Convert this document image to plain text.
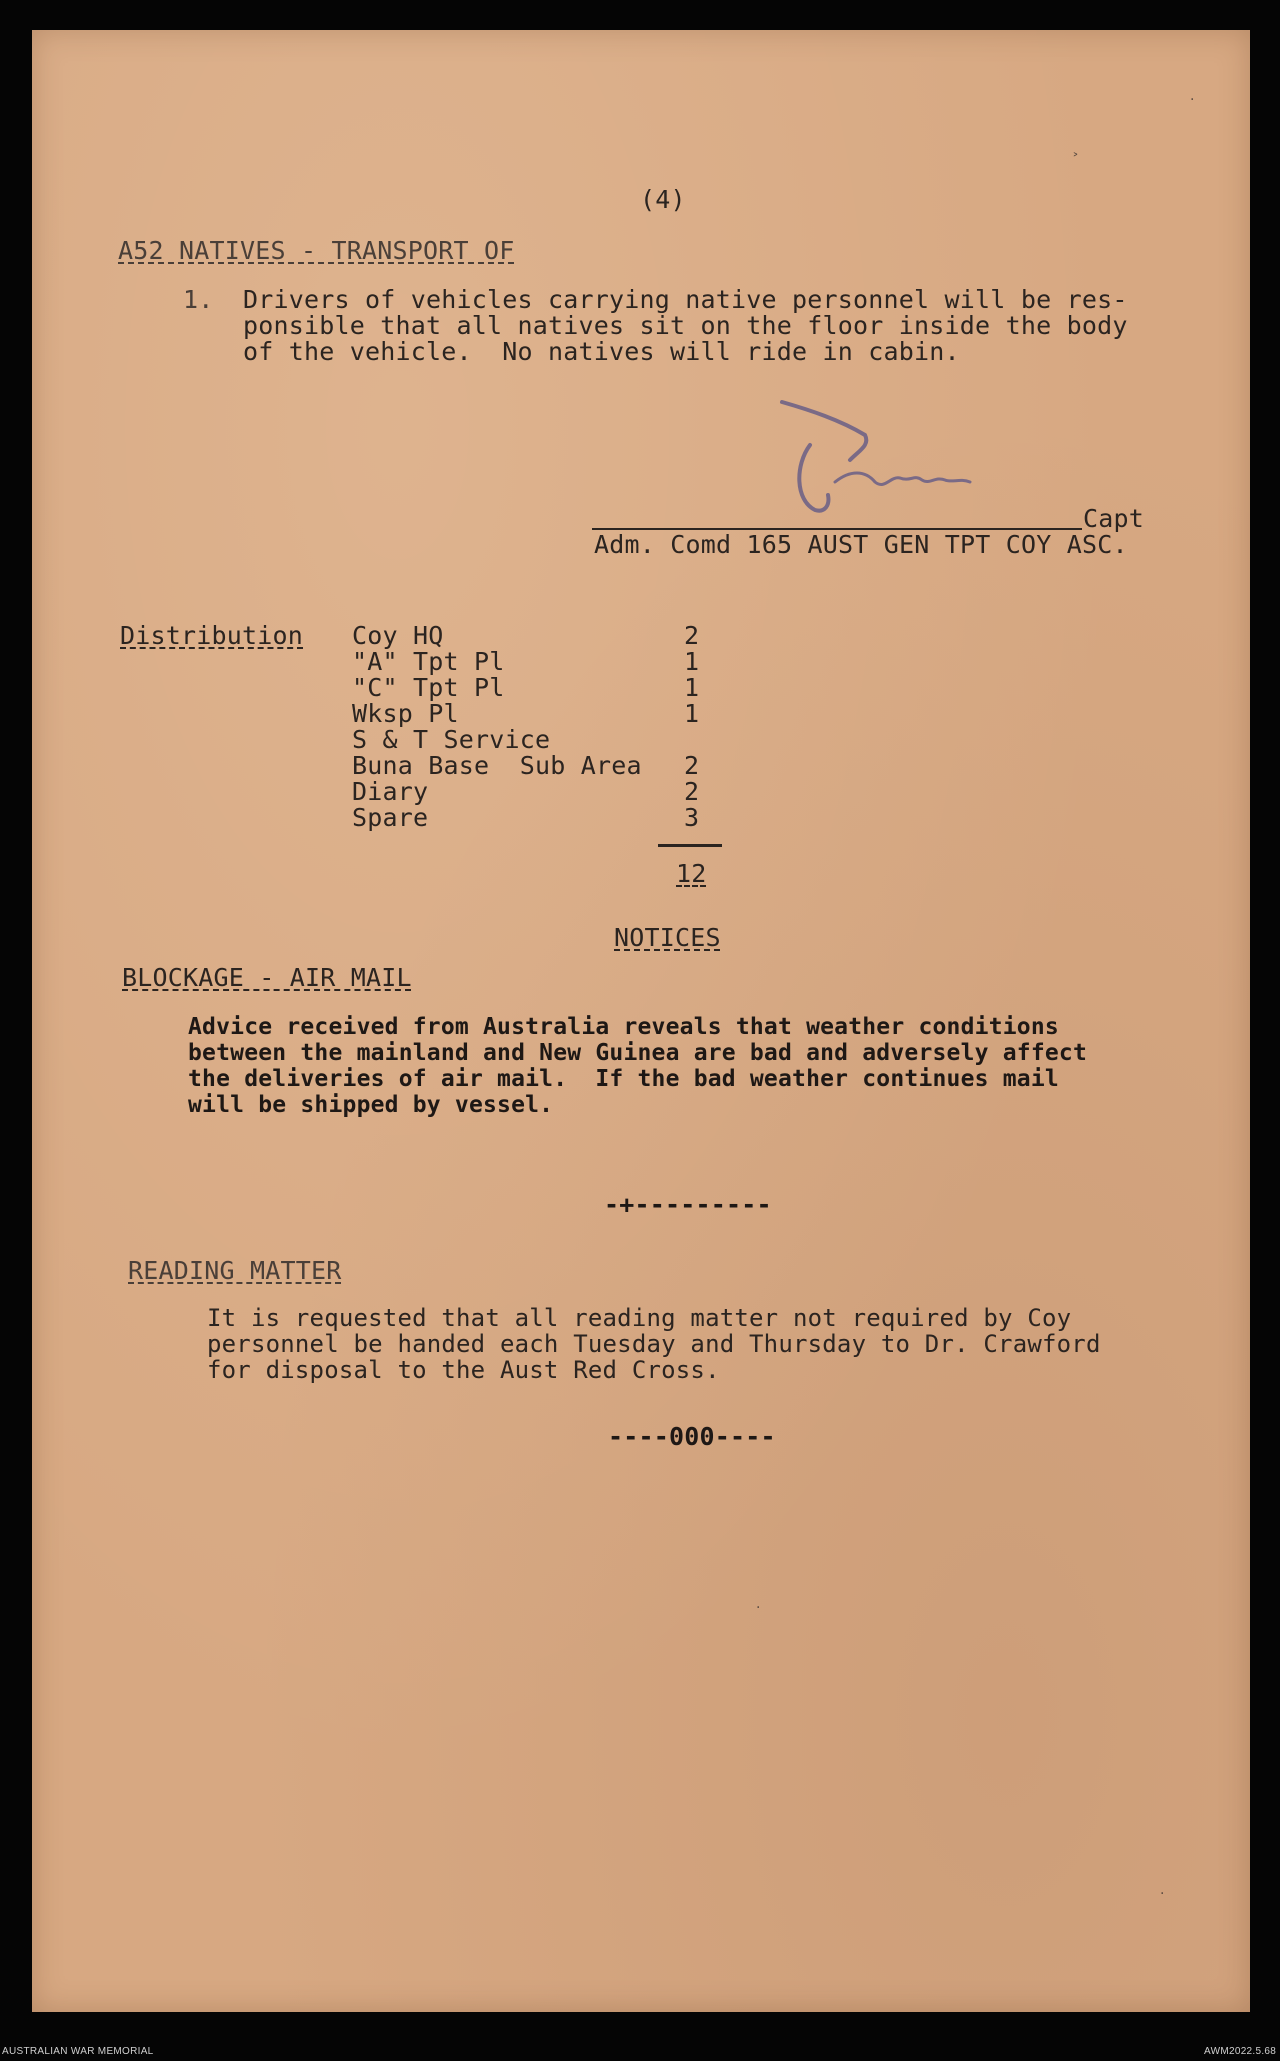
(4)
A52 NATIVES - TRANSPORT OF
1. Drivers of vehicles carrying native personnel will be res-
ponsible that all natives sit on the floor inside the body
of the vehicle.  No natives will ride in cabin.
Capt
Adm. Comd 165 AUST GEN TPT COY ASC.
Distribution Coy HQ	2
"A" Tpt Pl	1
"C" Tpt Pl	1
Wksp Pl	1
S & T Service
Buna Base  Sub Area 2
Diary	2
Spare	3
12
NOTICES
BLOCKAGE - AIR MAIL
Advice received from Australia reveals that weather conditions
between the mainland and New Guinea are bad and adversely affect
the deliveries of air mail.  If the bad weather continues mail
will be shipped by vessel.
-+---------
READING MATTER
It is requested that all reading matter not required by Coy
personnel be handed each Tuesday and Thursday to Dr. Crawford
for disposal to the Aust Red Cross.
----000----
·
˃
·
·
AUSTRALIAN WAR MEMORIAL	AWM2022.5.68
